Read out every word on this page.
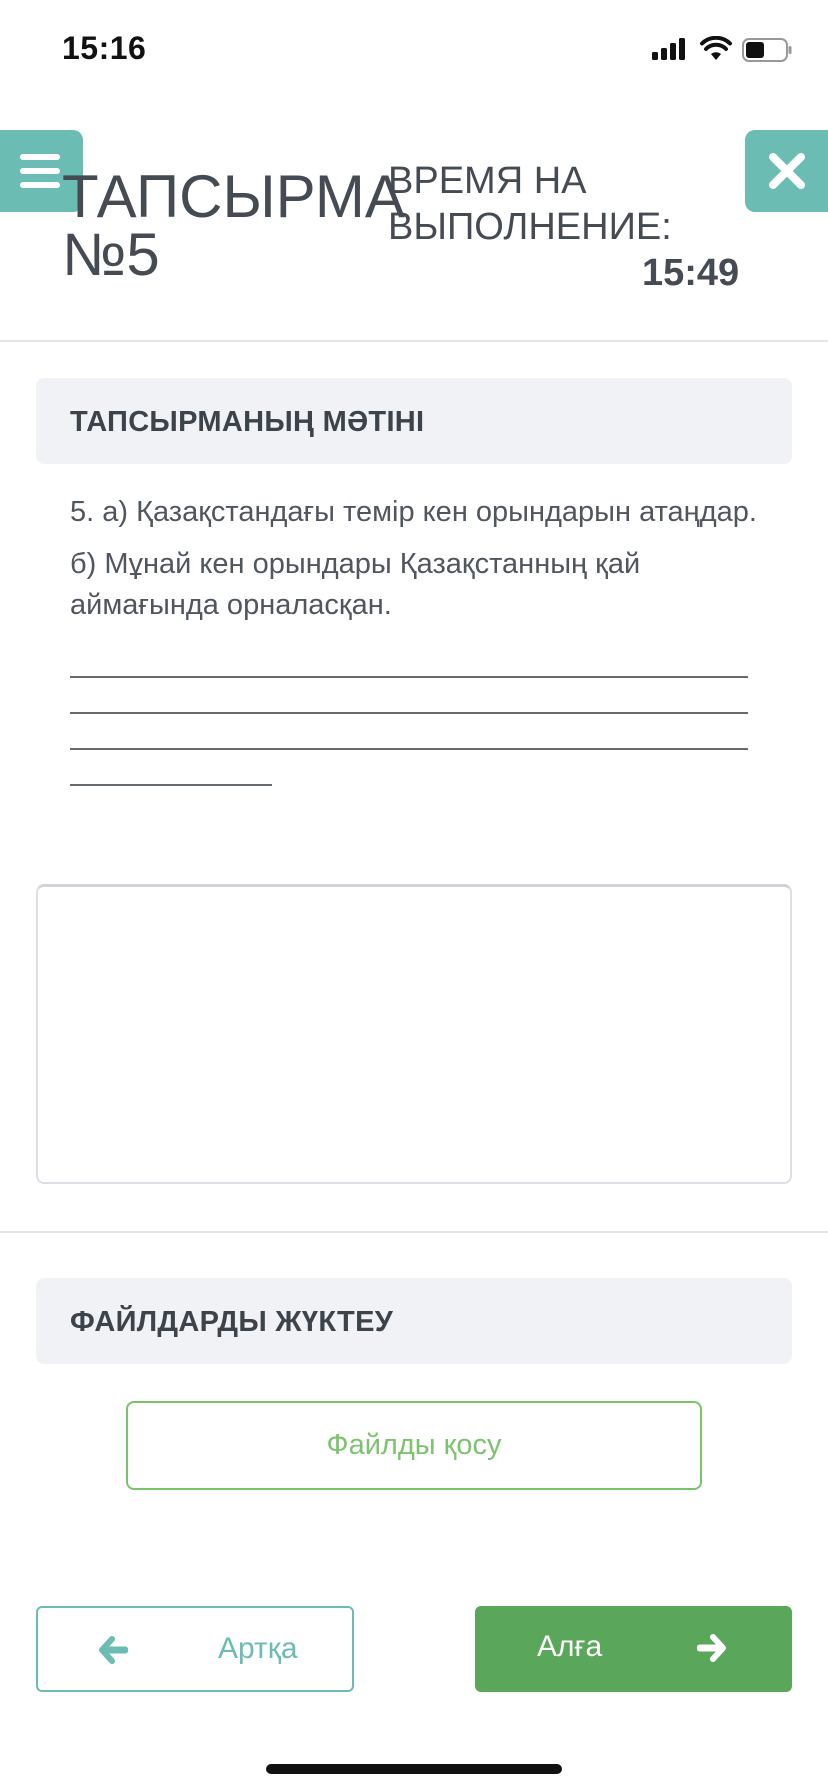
15:16
ТАПСЫРМА
№5
ВРЕМЯ НА ВЫПОЛНЕНИЕ:
15:49
ТАПСЫРМАНЫҢ МӘТІНІ

5. а) Қазақстандағы темір кен орындарын атаңдар.

б) Мұнай кен орындары Қазақстанның қай аймағында орналасқан.

ФАЙЛДАРДЫ ЖҮКТЕУ
Файлды қосу
Артқа	Алға
